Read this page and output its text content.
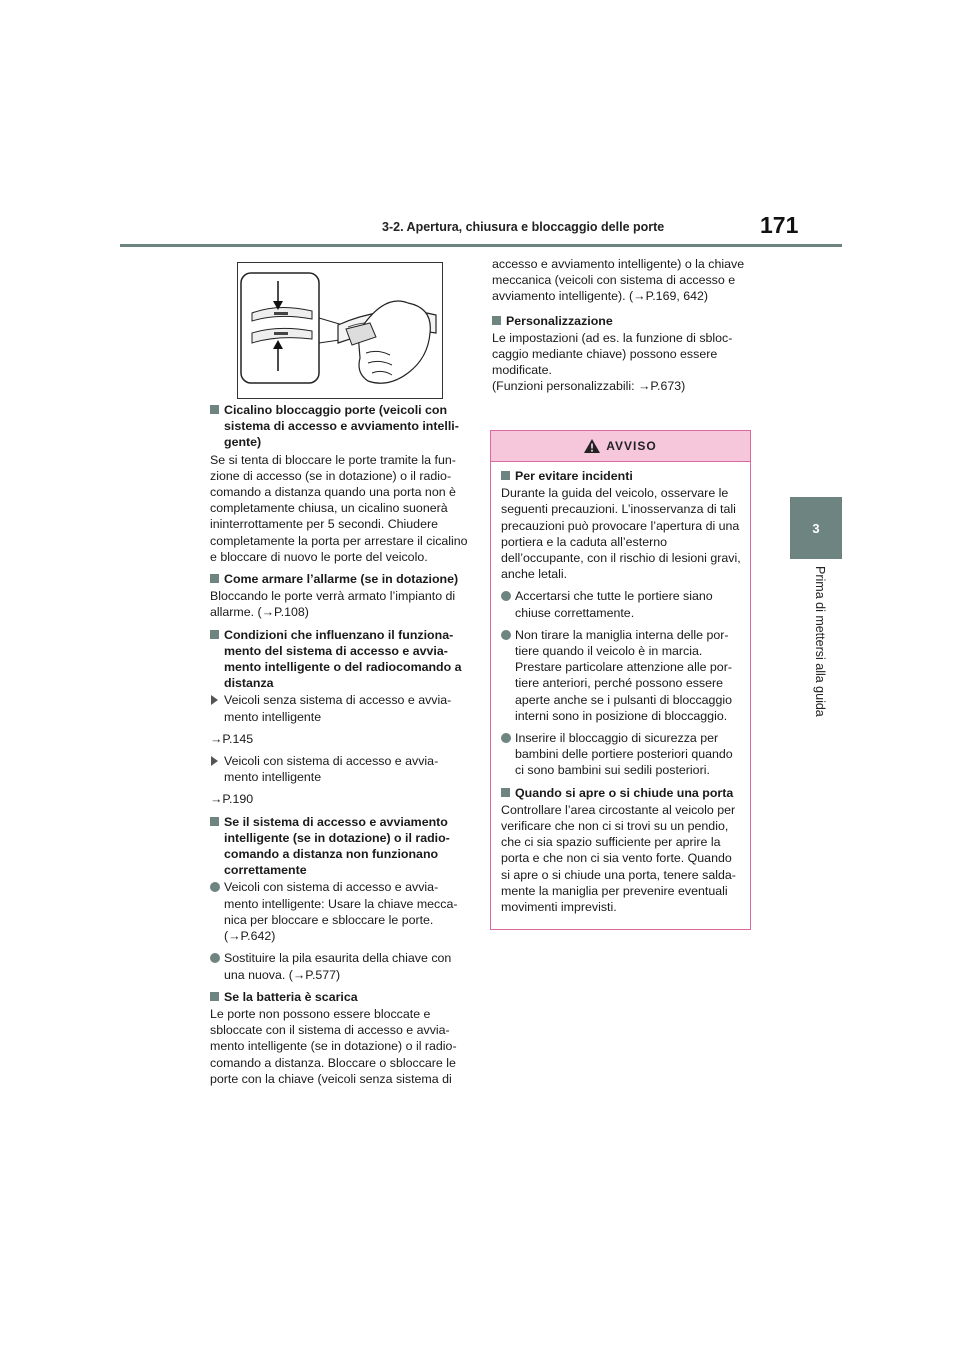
3-2. Apertura, chiusura e bloccaggio delle porte	171
3
Prima di mettersi alla guida
Cicalino bloccaggio porte (veicoli con sistema di accesso e avviamento intelligente)

Se si tenta di bloccare le porte tramite la funzione di accesso (se in dotazione) o il radiocomando a distanza quando una porta non è completamente chiusa, un cicalino suonerà ininterrottamente per 5 secondi. Chiudere completamente la porta per arrestare il cicalino e bloccare di nuovo le porte del veicolo.

Come armare l’allarme (se in dotazione)

Bloccando le porte verrà armato l’impianto di allarme. (→P.108)

Condizioni che influenzano il funzionamento del sistema di accesso e avviamento intelligente o del radiocomando a distanza
Veicoli senza sistema di accesso e avviamento intelligente

→P.145

Veicoli con sistema di accesso e avviamento intelligente

→P.190

Se il sistema di accesso e avviamento intelligente (se in dotazione) o il radiocomando a distanza non funzionano correttamente
Veicoli con sistema di accesso e avviamento intelligente: Usare la chiave meccanica per bloccare e sbloccare le porte. (→P.642)
Sostituire la pila esaurita della chiave con una nuova. (→P.577)
Se la batteria è scarica

Le porte non possono essere bloccate e sbloccate con il sistema di accesso e avviamento intelligente (se in dotazione) o il radiocomando a distanza. Bloccare o sbloccare le porte con la chiave (veicoli senza sistema di

accesso e avviamento intelligente) o la chiave meccanica (veicoli con sistema di accesso e avviamento intelligente). (→P.169, 642)

Personalizzazione

Le impostazioni (ad es. la funzione di sbloccaggio mediante chiave) possono essere modificate.

(Funzioni personalizzabili: →P.673)

AVVISO
Per evitare incidenti

Durante la guida del veicolo, osservare le seguenti precauzioni. L’inosservanza di tali precauzioni può provocare l’apertura di una portiera e la caduta all’esterno dell’occupante, con il rischio di lesioni gravi, anche letali.

Accertarsi che tutte le portiere siano chiuse correttamente.
Non tirare la maniglia interna delle portiere quando il veicolo è in marcia. Prestare particolare attenzione alle portiere anteriori, perché possono essere aperte anche se i pulsanti di bloccaggio interni sono in posizione di bloccaggio.
Inserire il bloccaggio di sicurezza per bambini delle portiere posteriori quando ci sono bambini sui sedili posteriori.
Quando si apre o si chiude una porta

Controllare l’area circostante al veicolo per verificare che non ci si trovi su un pendio, che ci sia spazio sufficiente per aprire la porta e che non ci sia vento forte. Quando si apre o si chiude una porta, tenere saldamente la maniglia per prevenire eventuali movimenti imprevisti.
